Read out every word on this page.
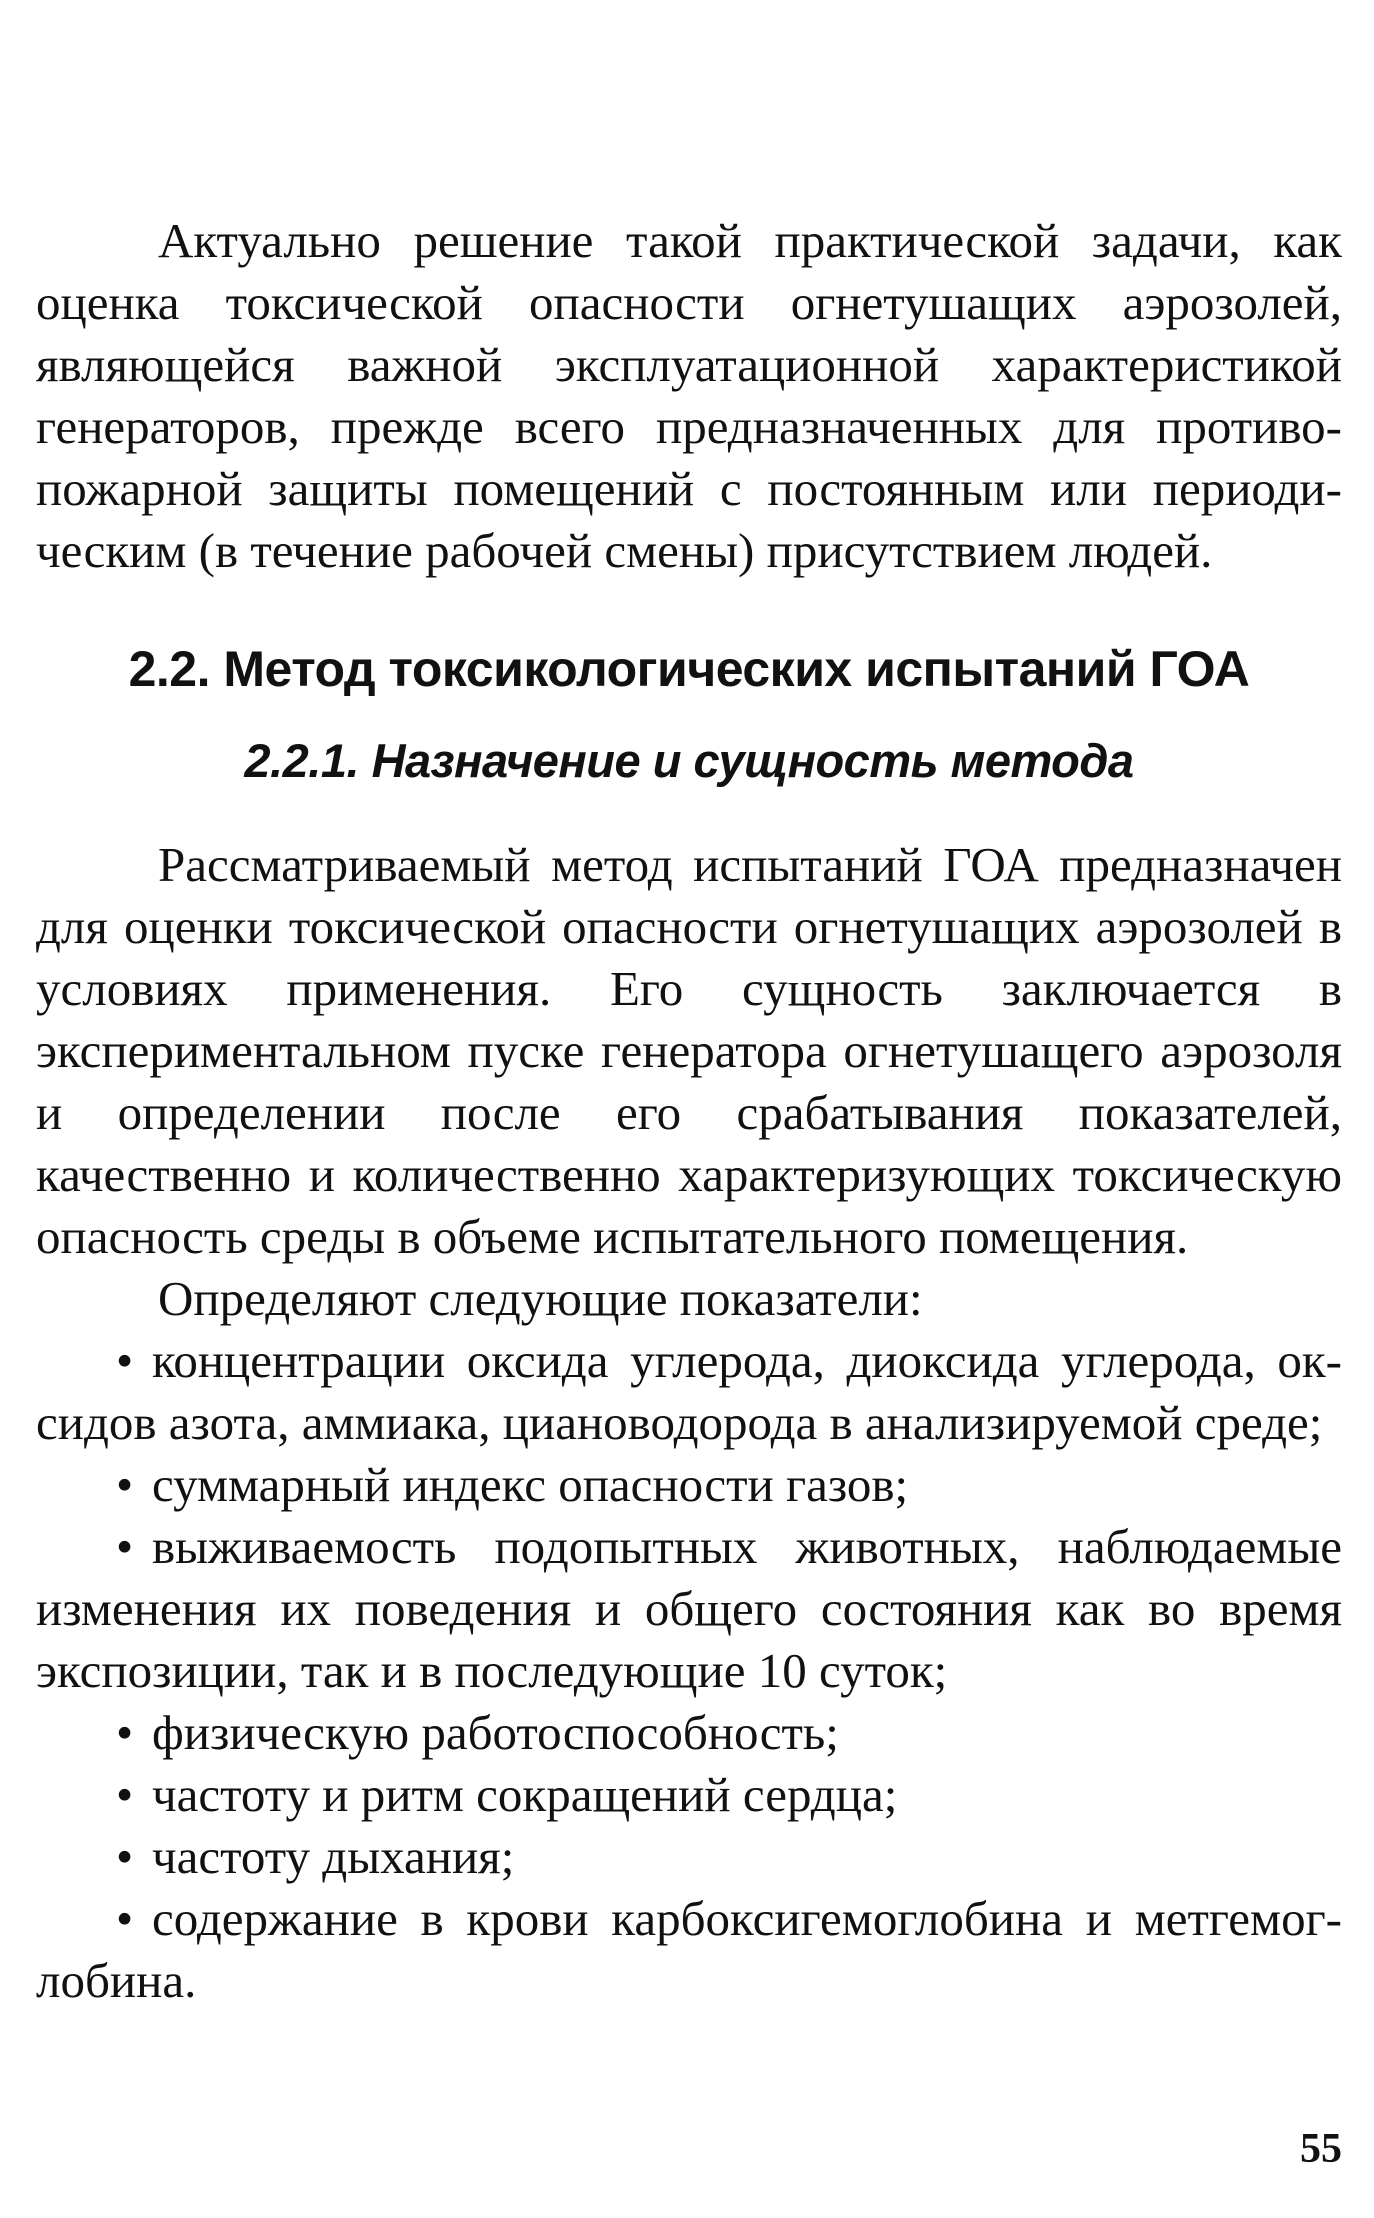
Актуально решение такой практической задачи, как оценка токсической опасности огнетушащих аэрозолей, являющейся важной эксплуатационной характеристикой генераторов, прежде всего предназначенных для противопожарной защиты помещений с постоянным или периодическим (в течение рабочей смены) присутствием людей.

2.2. Метод токсикологических испытаний ГОА
2.2.1. Назначение и сущность метода

Рассматриваемый метод испытаний ГОА предназначен для оценки токсической опасности огнетушащих аэрозолей в условиях применения. Его сущность заключается в экспериментальном пуске генератора огнетушащего аэрозоля и определении после его срабатывания показателей, качественно и количественно характеризующих токсическую опасность среды в объеме испытательного помещения.

Определяют следующие показатели:

• концентрации оксида углерода, диоксида углерода, оксидов азота, аммиака, циановодорода в анализируемой среде;
• суммарный индекс опасности газов;
• выживаемость подопытных животных, наблюдаемые изменения их поведения и общего состояния как во время экспозиции, так и в последующие 10 суток;
• физическую работоспособность;
• частоту и ритм сокращений сердца;
• частоту дыхания;
• содержание в крови карбоксигемоглобина и метгемоглобина.
55
